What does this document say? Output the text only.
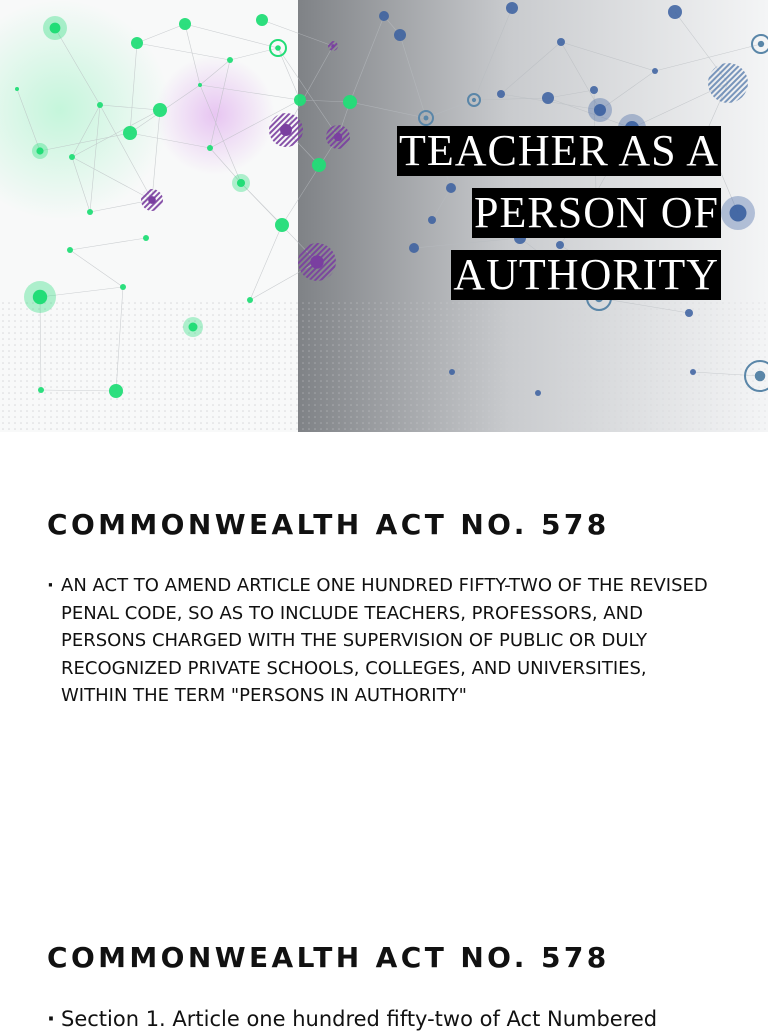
TEACHER AS A
PERSON OF
AUTHORITY
COMMONWEALTH ACT NO. 578
· AN ACT TO AMEND ARTICLE ONE HUNDRED FIFTY-TWO OF THE REVISED PENAL CODE, SO AS TO INCLUDE TEACHERS, PROFESSORS, AND PERSONS CHARGED WITH THE SUPERVISION OF PUBLIC OR DULY RECOGNIZED PRIVATE SCHOOLS, COLLEGES, AND UNIVERSITIES, WITHIN THE TERM "PERSONS IN AUTHORITY"
COMMONWEALTH ACT NO. 578
· Section 1. Article one hundred fifty-two of Act Numbered
